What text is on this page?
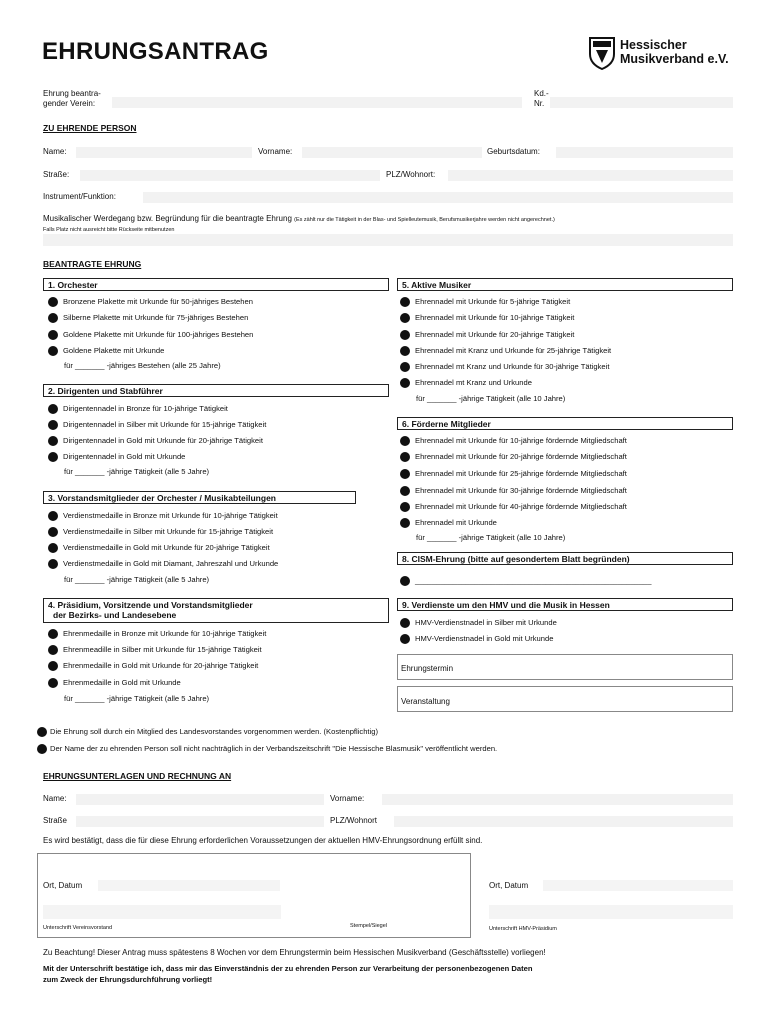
EHRUNGSANTRAG	Hessischer
Musikverband e.V.
Ehrung beantra-
gender Verein:
Kd.-
Nr.
ZU EHRENDE PERSON
Name:	Vorname:	Geburtsdatum:
Straße:	PLZ/Wohnort:
Instrument/Funktion:
Musikalischer Werdegang bzw. Begründung für die beantragte Ehrung (Es zählt nur die Tätigkeit in der Blas- und Spielleutemusik, Berufsmusikerjahre werden nicht angerechnet.)
Falls Platz nicht ausreicht bitte Rückseite mitbenutzen
BEANTRAGTE EHRUNG
1. Orchester
Bronzene Plakette mit Urkunde für 50-jähriges Bestehen
Silberne Plakette mit Urkunde für 75-jähriges Bestehen
Goldene Plakette mit Urkunde für 100-jähriges Bestehen
Goldene Plakette mit Urkunde
für _______ -jähriges Bestehen (alle 25 Jahre)
2. Dirigenten und Stabführer
Dirigentennadel in Bronze für 10-jährige Tätigkeit
Dirigentennadel in Silber mit Urkunde für 15-jährige Tätigkeit
Dirigentennadel in Gold mit Urkunde für 20-jährige Tätigkeit
Dirigentennadel in Gold mit Urkunde
für _______ -jährige Tätigkeit (alle 5 Jahre)
3. Vorstandsmitglieder der Orchester / Musikabteilungen
Verdienstmedaille in Bronze mit Urkunde für 10-jährige Tätigkeit
Verdienstmedaille in Silber mit Urkunde für 15-jährige Tätigkeit
Verdienstmedaille in Gold mit Urkunde für 20-jährige Tätigkeit
Verdienstmedaille in Gold mit Diamant, Jahreszahl und Urkunde
für _______ -jährige Tätigkeit (alle 5 Jahre)
4. Präsidium, Vorsitzende und Vorstandsmitglieder
der Bezirks- und Landesebene
Ehrenmedaille in Bronze mit Urkunde für 10-jährige Tätigkeit
Ehrenmeadille in Silber mit Urkunde für 15-jährige Tätigkeit
Ehrenmedaille in Gold mit Urkunde für 20-jährige Tätigkeit
Ehrenmedaille in Gold mit Urkunde
für _______ -jährige Tätigkeit (alle 5 Jahre)
5. Aktive Musiker
Ehrennadel mit Urkunde für 5-jährige Tätigkeit
Ehrennadel mit Urkunde für 10-jährige Tätigkeit
Ehrennadel mit Urkunde für 20-jährige Tätigkeit
Ehrennadel mit Kranz und Urkunde für 25-jährige Tätigkeit
Ehrennadel mt Kranz und Urkunde für 30-jährige Tätigkeit
Ehrennadel mt Kranz und Urkunde
für _______ -jährige Tätigkeit (alle 10 Jahre)
6. Förderne Mitglieder
Ehrennadel mit Urkunde für 10-jährige fördernde Mitgliedschaft
Ehrennadel mit Urkunde für 20-jährige fördernde Mitgliedschaft
Ehrennadel mit Urkunde für 25-jährige fördernde Mitgliedschaft
Ehrennadel mit Urkunde für 30-jährige fördernde Mitgliedschaft
Ehrennadel mit Urkunde für 40-jährige fördernde Mitgliedschaft
Ehrennadel mit Urkunde
für _______ -jährige Tätigkeit (alle 10 Jahre)
8. CISM-Ehrung (bitte auf gesondertem Blatt begründen)
________________________________________________________
9. Verdienste um den HMV und die Musik in Hessen
HMV-Verdienstnadel in Silber mit Urkunde
HMV-Verdienstnadel in Gold mit Urkunde
Ehrungstermin
Veranstaltung
Die Ehrung soll durch ein Mitglied des Landesvorstandes vorgenommen werden. (Kostenpflichtig)
Der Name der zu ehrenden Person soll nicht nachträglich in der Verbandszeitschrift "Die Hessische Blasmusik" veröffentlicht werden.
EHRUNGSUNTERLAGEN UND RECHNUNG AN
Name:	Vorname:
Straße	PLZ/Wohnort
Es wird bestätigt, dass die für diese Ehrung erforderlichen Voraussetzungen der aktuellen HMV-Ehrungsordnung erfüllt sind.
Ort, Datum
Unterschrift Vereinsvorstand	Stempel/Siegel
Ort, Datum
Unterschrift HMV-Präsidium
Zu Beachtung! Dieser Antrag muss spätestens 8 Wochen vor dem Ehrungstermin beim Hessischen Musikverband (Geschäftsstelle) vorliegen!
Mit der Unterschrift bestätige ich, dass mir das Einverständnis der zu ehrenden Person zur Verarbeitung der personenbezogenen Daten
zum Zweck der Ehrungsdurchführung vorliegt!
